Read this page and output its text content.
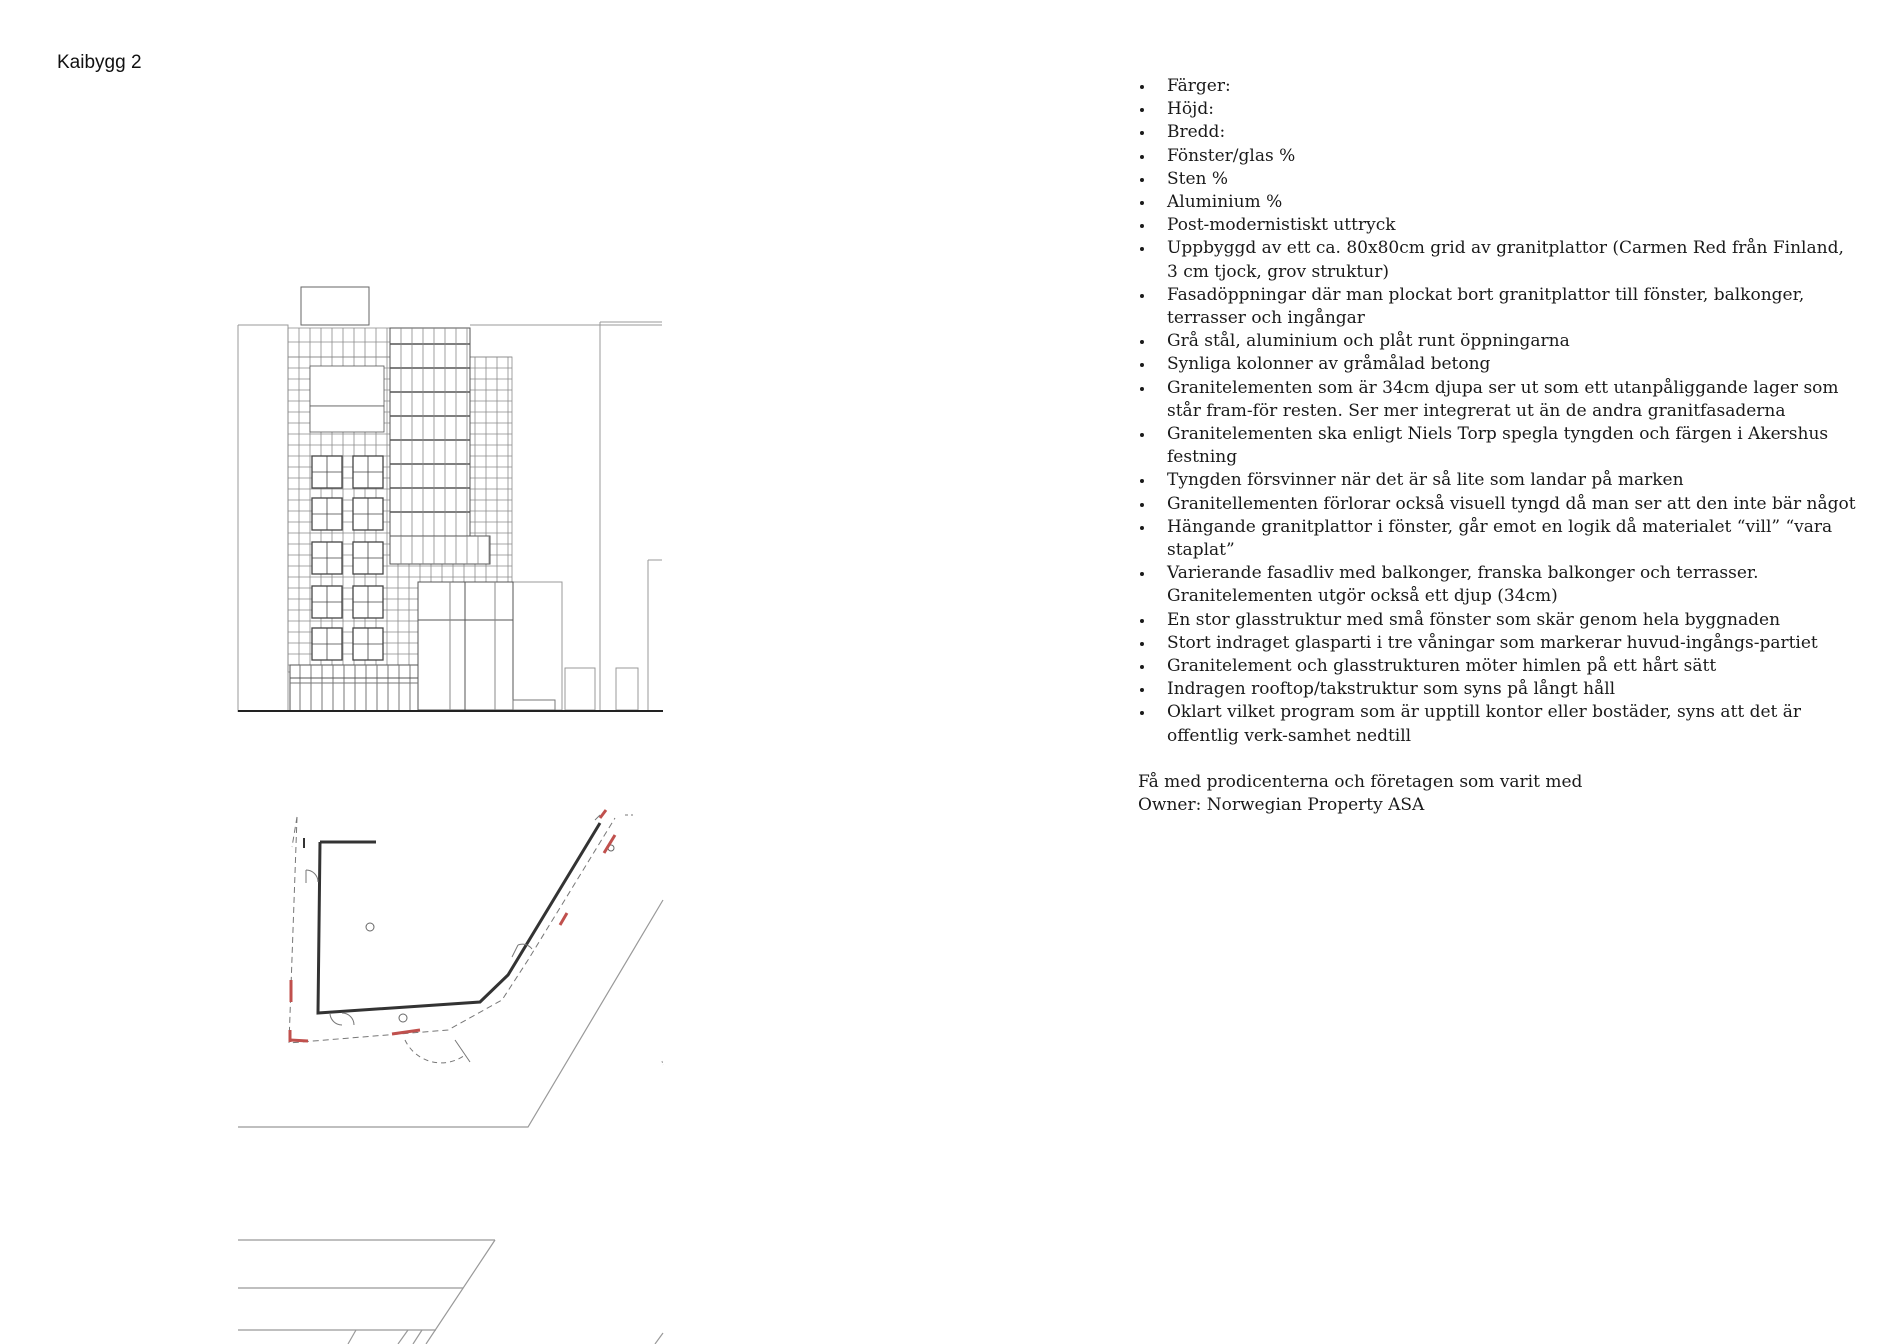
Kaibygg 2
Färger:
Höjd:
Bredd:
Fönster/glas %
Sten %
Aluminium %
Post-modernistiskt uttryck
Uppbyggd av ett ca. 80x80cm grid av granitplattor (Carmen Red från Finland, 3 cm tjock, grov struktur)
Fasadöppningar där man plockat bort granitplattor till fönster, balkonger, terrasser och ingångar
Grå stål, aluminium och plåt runt öppningarna
Synliga kolonner av gråmålad betong
Granitelementen som är 34cm djupa ser ut som ett utanpåliggande lager som står fram-för resten. Ser mer integrerat ut än de andra granitfasaderna
Granitelementen ska enligt Niels Torp spegla tyngden och färgen i Akershus festning
Tyngden försvinner när det är så lite som landar på marken
Granitellementen förlorar också visuell tyngd då man ser att den inte bär något
Hängande granitplattor i fönster, går emot en logik då materialet “vill” “vara staplat”
Varierande fasadliv med balkonger, franska balkonger och terrasser. Granitelementen utgör också ett djup (34cm)
En stor glasstruktur med små fönster som skär genom hela byggnaden
Stort indraget glasparti i tre våningar som markerar huvud-ingångs-partiet
Granitelement och glasstrukturen möter himlen på ett hårt sätt
Indragen rooftop/takstruktur som syns på långt håll
Oklart vilket program som är upptill kontor eller bostäder, syns att det är offentlig verk-samhet nedtill
Få med prodicenterna och företagen som varit med
Owner: Norwegian Property ASA
